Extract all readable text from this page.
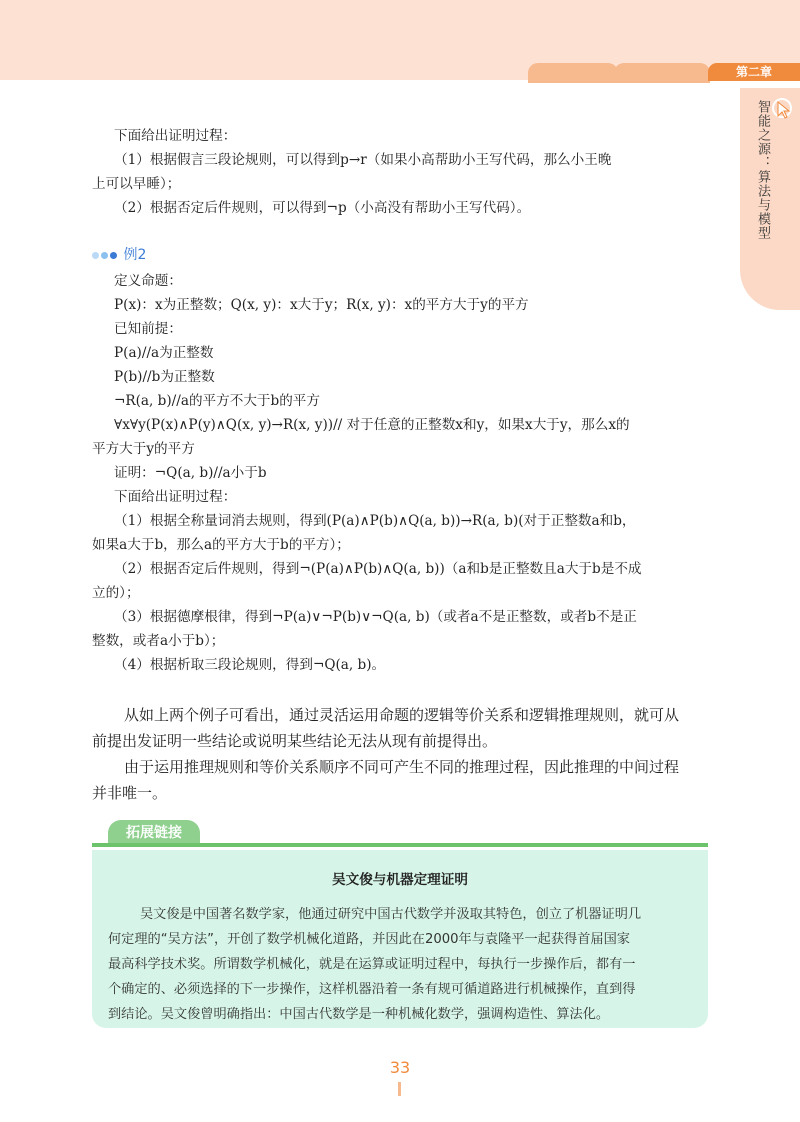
第二章
智能之源：算法与模型
下面给出证明过程：
（1）根据假言三段论规则，可以得到p→r（如果小高帮助小王写代码，那么小王晚
上可以早睡）；
（2）根据否定后件规则，可以得到¬p（小高没有帮助小王写代码）。
例2
定义命题：
P(x)：x为正整数；Q(x, y)：x大于y；R(x, y)：x的平方大于y的平方
已知前提：
P(a)//a为正整数
P(b)//b为正整数
¬R(a, b)//a的平方不大于b的平方
∀x∀y(P(x)∧P(y)∧Q(x, y)→R(x, y))// 对于任意的正整数x和y，如果x大于y，那么x的
平方大于y的平方
证明：¬Q(a, b)//a小于b
下面给出证明过程：
（1）根据全称量词消去规则，得到(P(a)∧P(b)∧Q(a, b))→R(a, b)(对于正整数a和b，
如果a大于b，那么a的平方大于b的平方）；
（2）根据否定后件规则，得到¬(P(a)∧P(b)∧Q(a, b))（a和b是正整数且a大于b是不成
立的）；
（3）根据德摩根律，得到¬P(a)∨¬P(b)∨¬Q(a, b)（或者a不是正整数，或者b不是正
整数，或者a小于b）；
（4）根据析取三段论规则，得到¬Q(a, b)。
从如上两个例子可看出，通过灵活运用命题的逻辑等价关系和逻辑推理规则，就可从
前提出发证明一些结论或说明某些结论无法从现有前提得出。
由于运用推理规则和等价关系顺序不同可产生不同的推理过程，因此推理的中间过程
并非唯一。
拓展链接
吴文俊与机器定理证明
吴文俊是中国著名数学家，他通过研究中国古代数学并汲取其特色，创立了机器证明几
何定理的“吴方法”，开创了数学机械化道路，并因此在2000年与袁隆平一起获得首届国家
最高科学技术奖。所谓数学机械化，就是在运算或证明过程中，每执行一步操作后，都有一
个确定的、必须选择的下一步操作，这样机器沿着一条有规可循道路进行机械操作，直到得
到结论。吴文俊曾明确指出：中国古代数学是一种机械化数学，强调构造性、算法化。
33
